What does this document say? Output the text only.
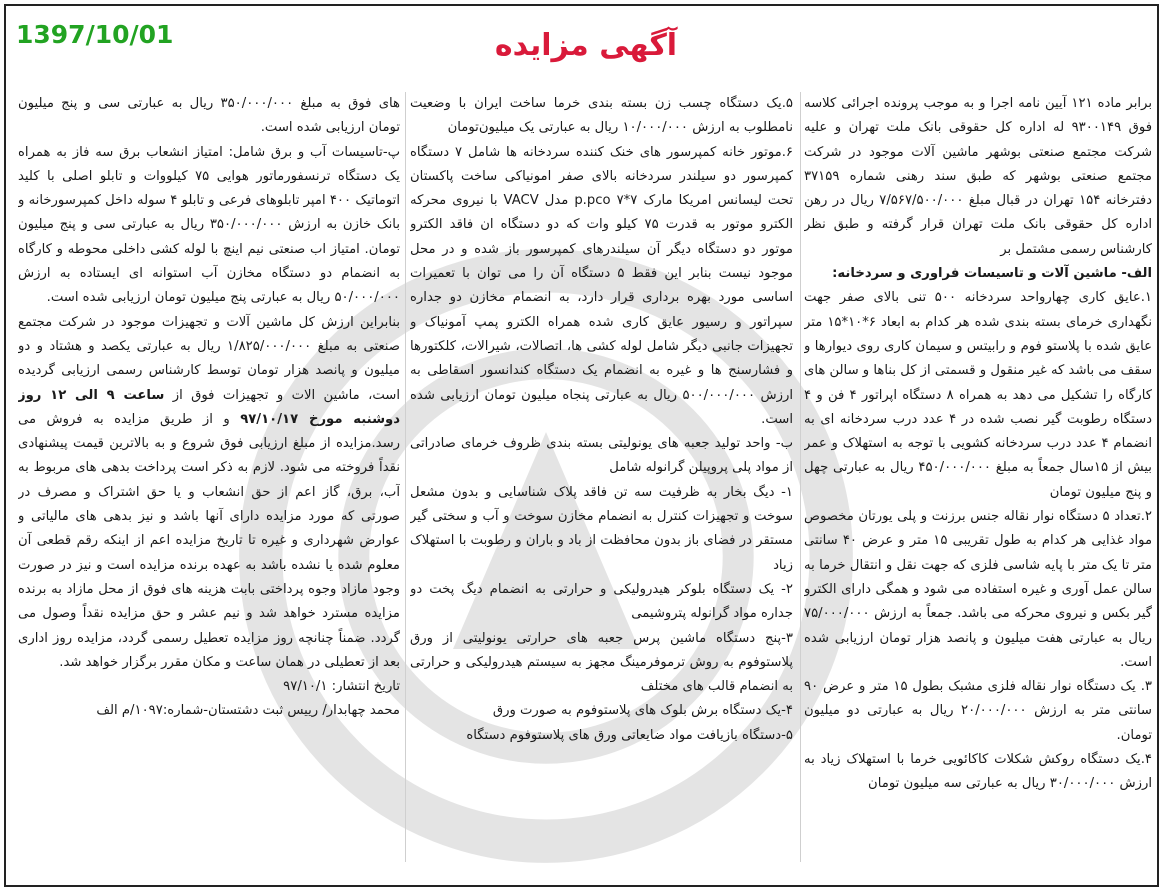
1397/10/01	آگهی مزایده

برابر ماده ۱۲۱ آیین نامه اجرا و به موجب پرونده اجرائی کلاسه فوق ۹۳۰۰۱۴۹ له اداره کل حقوقی بانک ملت تهران و علیه شرکت مجتمع صنعتی بوشهر ماشین آلات موجود در شرکت مجتمع صنعتی بوشهر که طبق سند رهنی شماره ۳۷۱۵۹ دفترخانه ۱۵۴ تهران در قبال مبلغ ۷/۵۶۷/۵۰۰/۰۰۰ ریال در رهن اداره کل حقوقی بانک ملت تهران قرار گرفته و طبق نظر کارشناس رسمی مشتمل بر

الف- ماشین آلات و تاسیسات فراوری و سردخانه:

۱.عایق کاری چهارواحد سردخانه ۵۰۰ تنی بالای صفر جهت نگهداری خرمای بسته بندی شده هر کدام به ابعاد ۶*۱۰*۱۵ متر عایق شده با پلاستو فوم و رابیتس و سیمان کاری روی دیوارها و سقف می باشد که غیر منقول و قسمتی از کل بناها و سالن های کارگاه را تشکیل می دهد به همراه ۸ دستگاه اپراتور ۴ فن و ۴ دستگاه رطوبت گیر نصب شده در ۴ عدد درب سردخانه ای به انضمام ۴ عدد درب سردخانه کشویی با توجه به استهلاک و عمر بیش از ۱۵سال جمعاً به مبلغ ۴۵۰/۰۰۰/۰۰۰ ریال به عبارتی چهل و پنج میلیون تومان

۲.تعداد ۵ دستگاه نوار نقاله جنس برزنت و پلی یورتان مخصوص مواد غذایی هر کدام به طول تقریبی ۱۵ متر و عرض ۴۰ سانتی متر تا یک متر با پایه شاسی فلزی که جهت نقل و انتقال خرما به سالن عمل آوری و غیره استفاده می شود و همگی دارای الکترو گیر بکس و نیروی محرکه می باشد. جمعاً به ارزش ۷۵/۰۰۰/۰۰۰ ریال به عبارتی هفت میلیون و پانصد هزار تومان ارزیابی شده است.

۳. یک دستگاه نوار نقاله فلزی مشبک بطول ۱۵ متر و عرض ۹۰ سانتی متر به ارزش ۲۰/۰۰۰/۰۰۰ ریال به عبارتی دو میلیون تومان.

۴.یک دستگاه روکش شکلات کاکائویی خرما با استهلاک زیاد به ارزش ۳۰/۰۰۰/۰۰۰ ریال به عبارتی سه میلیون تومان

۵.یک دستگاه چسب زن بسته بندی خرما ساخت ایران با وضعیت نامطلوب به ارزش ۱۰/۰۰۰/۰۰۰ ریال به عبارتی یک میلیون‌تومان

۶.موتور خانه کمپرسور های خنک کننده سردخانه ها شامل ۷ دستگاه کمپرسور دو سیلندر سردخانه بالای صفر امونیاکی ساخت پاکستان تحت لیسانس امریکا مارک p.pco ۷*۷ مدل VACV با نیروی محرکه الکترو موتور به قدرت ۷۵ کیلو وات که دو دستگاه ان فاقد الکترو موتور دو دستگاه دیگر آن سیلندرهای کمپرسور باز شده و در محل موجود نیست بنابر این فقط ۵ دستگاه آن را می توان با تعمیرات اساسی مورد بهره برداری قرار دارد، به انضمام مخازن دو جداره سپراتور و رسیور عایق کاری شده همراه الکترو پمپ آمونیاک و تجهیزات جانبی دیگر شامل لوله کشی ها، اتصالات، شیرالات، کلکتورها و فشارسنج ها و غیره به انضمام یک دستگاه کندانسور اسقاطی به ارزش ۵۰۰/۰۰۰/۰۰۰ ریال به عبارتی پنجاه میلیون تومان ارزیابی شده است.

ب- واحد تولید جعبه های یونولیتی بسته بندی ظروف خرمای صادراتی از مواد پلی پروپیلن گرانوله شامل

۱- دیگ بخار به ظرفیت سه تن فاقد پلاک شناسایی و بدون مشعل سوخت و تجهیزات کنترل به انضمام مخازن سوخت و آب و سختی گیر مستقر در فضای باز بدون محافظت از باد و باران و رطوبت با استهلاک زیاد

۲- یک دستگاه بلوکر هیدرولیکی و حرارتی به انضمام دیگ پخت دو جداره مواد گرانوله پتروشیمی

۳-پنج دستگاه ماشین پرس جعبه های حرارتی یونولیتی از ورق پلاستوفوم به روش ترموفرمینگ مجهز به سیستم هیدرولیکی و حرارتی به انضمام قالب های مختلف

۴-یک دستگاه برش بلوک های پلاستوفوم به صورت ورق

۵-دستگاه بازیافت مواد ضایعاتی ورق های پلاستوفوم دستگاه

های فوق به مبلغ ۳۵۰/۰۰۰/۰۰۰ ریال به عبارتی سی و پنج میلیون تومان ارزیابی شده است.

پ-تاسیسات آب و برق شامل: امتیاز انشعاب برق سه فاز به همراه یک دستگاه ترنسفورماتور هوایی ۷۵ کیلووات و تابلو اصلی با کلید اتوماتیک ۴۰۰ امپر تابلوهای فرعی و تابلو ۴ سوله داخل کمپرسورخانه و بانک خازن به ارزش ۳۵۰/۰۰۰/۰۰۰ ریال به عبارتی سی و پنج میلیون تومان. امتیاز اب صنعتی نیم اینچ با لوله کشی داخلی محوطه و کارگاه به انضمام دو دستگاه مخازن آب استوانه ای ایستاده به ارزش ۵۰/۰۰۰/۰۰۰ ریال به عبارتی پنج میلیون تومان ارزیابی شده است.

بنابراین ارزش کل ماشین آلات و تجهیزات موجود در شرکت مجتمع صنعتی به مبلغ ۱/۸۲۵/۰۰۰/۰۰۰ ریال به عبارتی یکصد و هشتاد و دو میلیون و پانصد هزار تومان توسط کارشناس رسمی ارزیابی گردیده است، ماشین الات و تجهیزات فوق از ساعت ۹ الی ۱۲ روز دوشنبه مورخ ۹۷/۱۰/۱۷ و از طریق مزایده به فروش می رسد.مزایده از مبلغ ارزیابی فوق شروع و به بالاترین قیمت پیشنهادی نقداً فروخته می شود. لازم به ذکر است پرداخت بدهی های مربوط به آب، برق، گاز اعم از حق انشعاب و یا حق اشتراک و مصرف در صورتی که مورد مزایده دارای آنها باشد و نیز بدهی های مالیاتی و عوارض شهرداری و غیره تا تاریخ مزایده اعم از اینکه رقم قطعی آن معلوم شده یا نشده باشد به عهده برنده مزایده است و نیز در صورت وجود مازاد وجوه پرداختی بابت هزینه های فوق از محل مازاد به برنده مزایده مسترد خواهد شد و نیم عشر و حق مزایده نقداً وصول می گردد. ضمناً چنانچه روز مزایده تعطیل رسمی گردد، مزایده روز اداری بعد از تعطیلی در همان ساعت و مکان مقرر برگزار خواهد شد.

تاریخ انتشار: ۹۷/۱۰/۱

محمد چهابدار/ رییس ثبت دشتستان-شماره:۱۰۹۷/م الف
